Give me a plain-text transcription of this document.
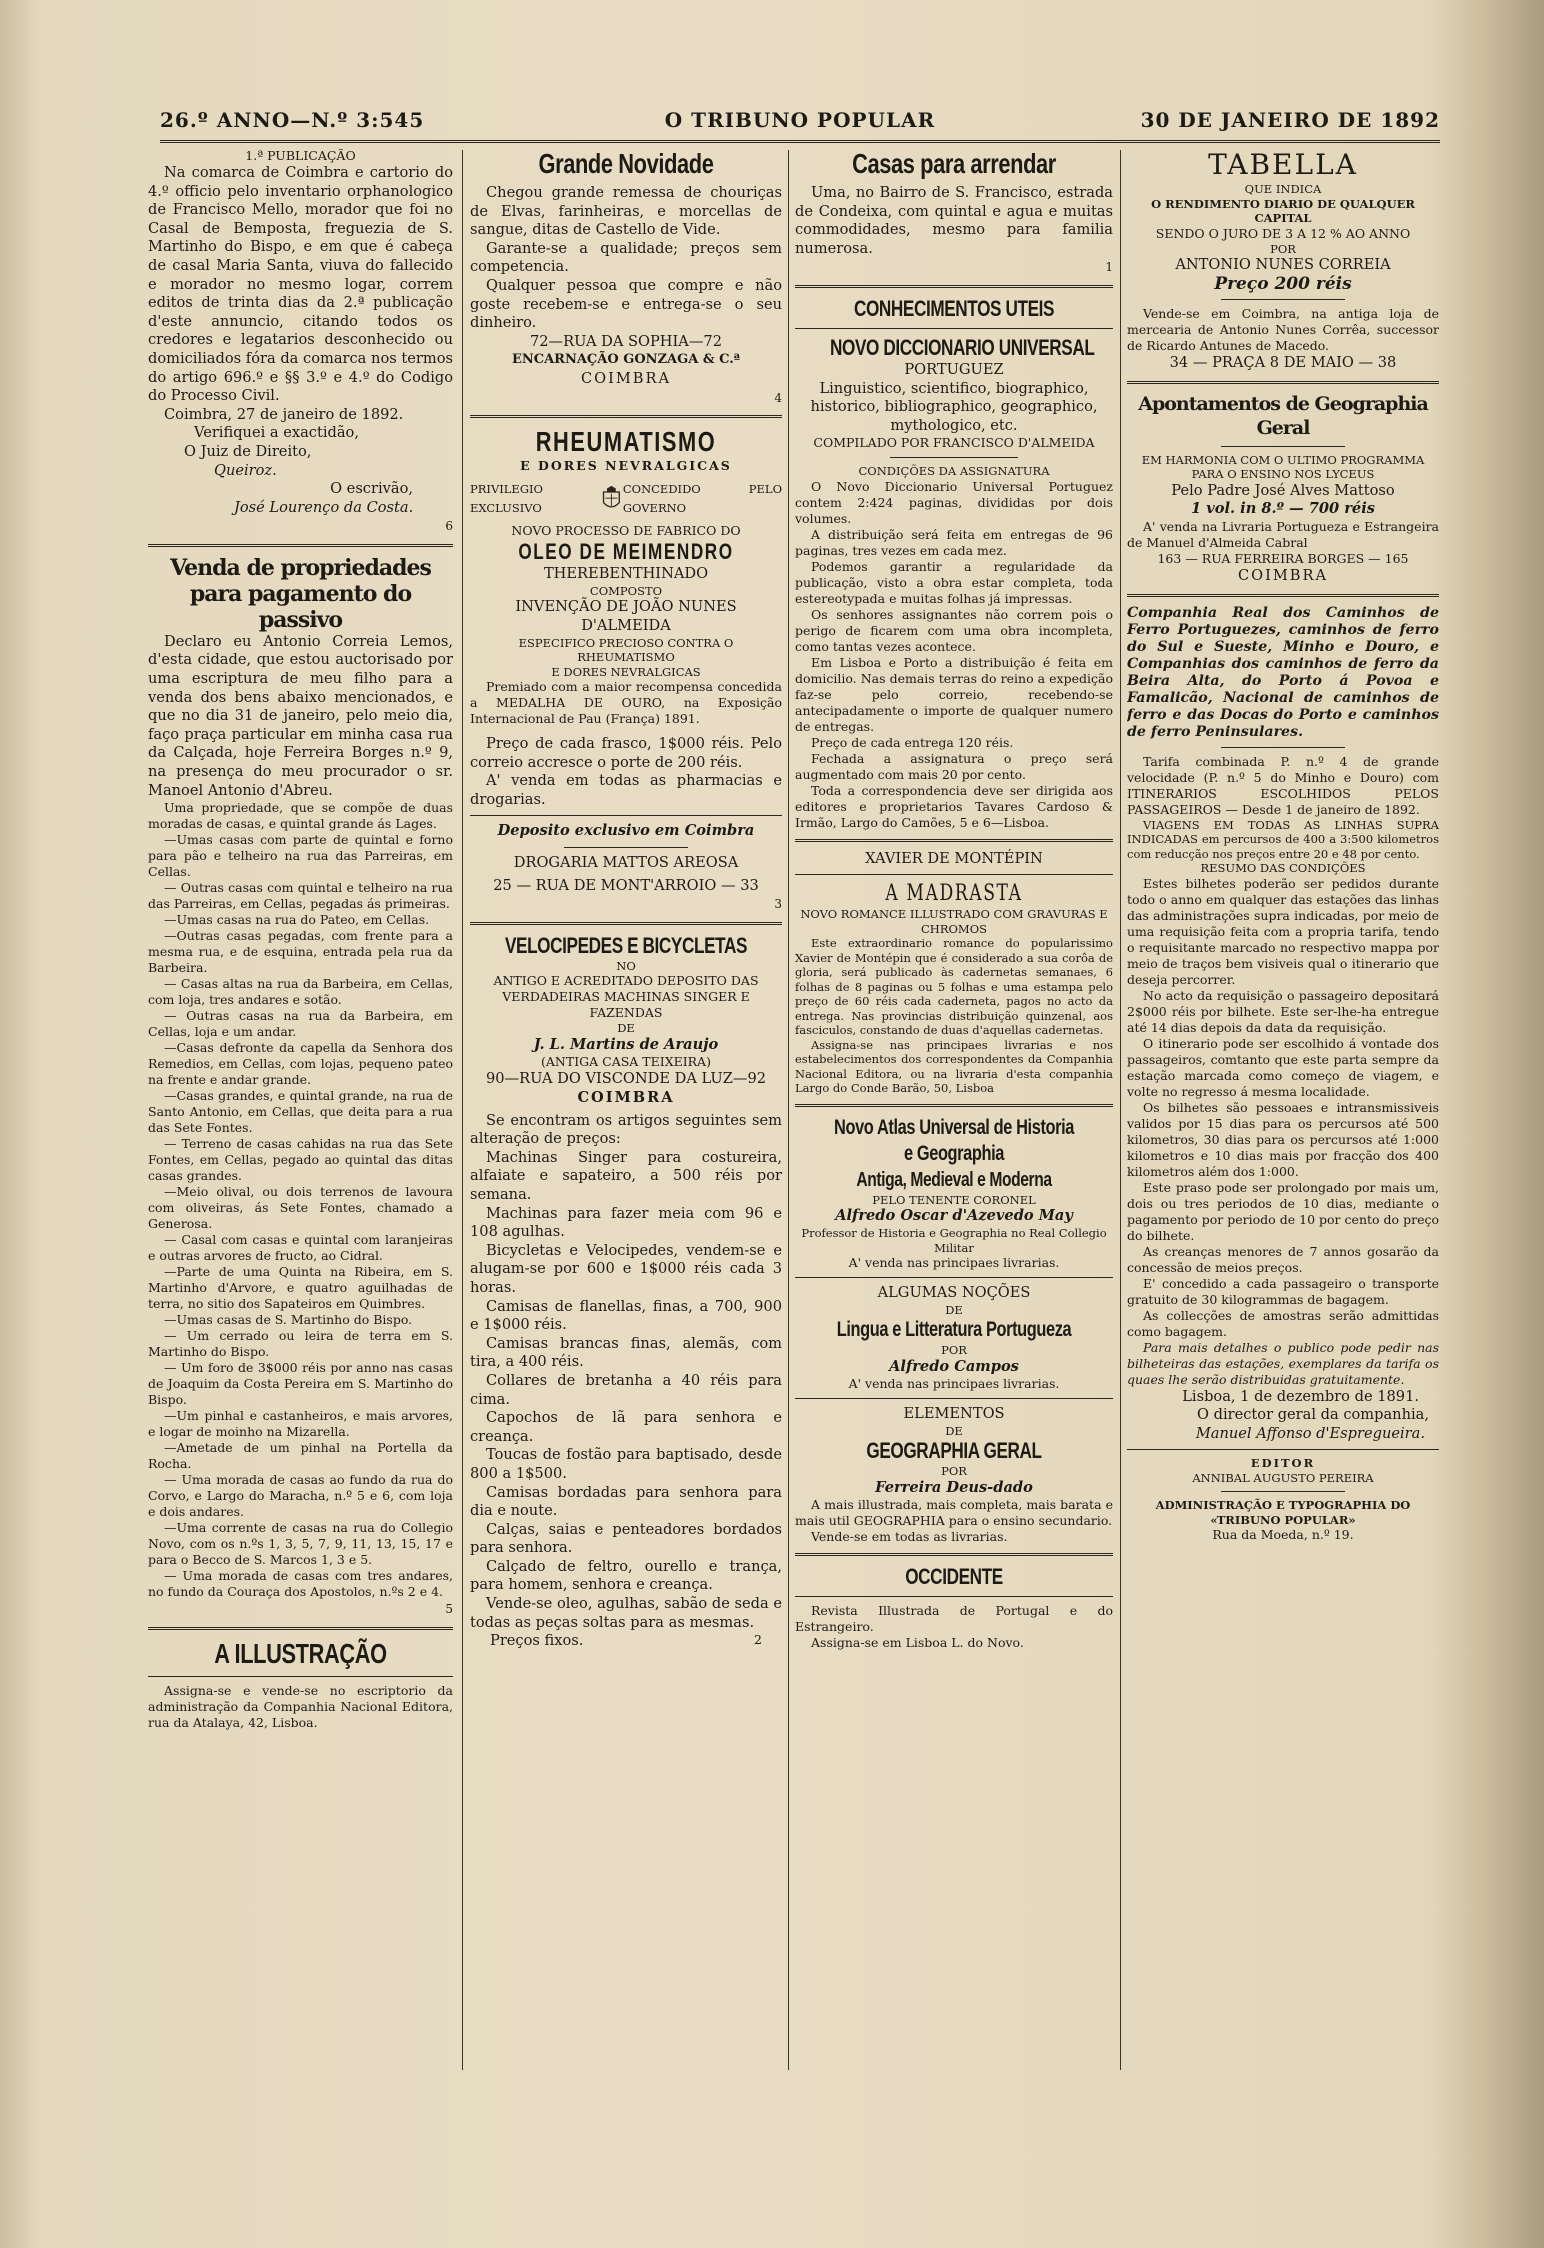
26.º ANNO—N.º 3:545	O TRIBUNO POPULAR	30 DE JANEIRO DE 1892

1.ª PUBLICAÇÃO

Na comarca de Coimbra e cartorio do 4.º officio pelo inventario orphanologico de Francisco Mello, morador que foi no Casal de Bemposta, freguezia de S. Martinho do Bispo, e em que é cabeça de casal Maria Santa, viuva do fallecido e morador no mesmo logar, correm editos de trinta dias da 2.ª publicação d'este annuncio, citando todos os credores e legatarios desconhecido ou domiciliados fóra da comarca nos termos do artigo 696.º e §§ 3.º e 4.º do Codigo do Processo Civil.

Coimbra, 27 de janeiro de 1892.

Verifiquei a exactidão,

O Juiz de Direito,

Queiroz.

O escrivão,

José Lourenço da Costa.

6
Venda de propriedades para pagamento do passivo

Declaro eu Antonio Correia Lemos, d'esta cidade, que estou auctorisado por uma escriptura de meu filho para a venda dos bens abaixo mencionados, e que no dia 31 de janeiro, pelo meio dia, faço praça particular em minha casa rua da Calçada, hoje Ferreira Borges n.º 9, na presença do meu procurador o sr. Manoel Antonio d'Abreu.

Uma propriedade, que se compõe de duas moradas de casas, e quintal grande ás Lages.

—Umas casas com parte de quintal e forno para pão e telheiro na rua das Parreiras, em Cellas.

— Outras casas com quintal e telheiro na rua das Parreiras, em Cellas, pegadas ás primeiras.

—Umas casas na rua do Pateo, em Cellas.

—Outras casas pegadas, com frente para a mesma rua, e de esquina, entrada pela rua da Barbeira.

— Casas altas na rua da Barbeira, em Cellas, com loja, tres andares e sotão.

— Outras casas na rua da Barbeira, em Cellas, loja e um andar.

—Casas defronte da capella da Senhora dos Remedios, em Cellas, com lojas, pequeno pateo na frente e andar grande.

—Casas grandes, e quintal grande, na rua de Santo Antonio, em Cellas, que deita para a rua das Sete Fontes.

— Terreno de casas cahidas na rua das Sete Fontes, em Cellas, pegado ao quintal das ditas casas grandes.

—Meio olival, ou dois terrenos de lavoura com oliveiras, ás Sete Fontes, chamado a Generosa.

— Casal com casas e quintal com laranjeiras e outras arvores de fructo, ao Cidral.

—Parte de uma Quinta na Ribeira, em S. Martinho d'Arvore, e quatro aguilhadas de terra, no sitio dos Sapateiros em Quimbres.

—Umas casas de S. Martinho do Bispo.

— Um cerrado ou leira de terra em S. Martinho do Bispo.

— Um foro de 3$000 réis por anno nas casas de Joaquim da Costa Pereira em S. Martinho do Bispo.

—Um pinhal e castanheiros, e mais arvores, e logar de moinho na Mizarella.

—Ametade de um pinhal na Portella da Rocha.

— Uma morada de casas ao fundo da rua do Corvo, e Largo do Maracha, n.º 5 e 6, com loja e dois andares.

—Uma corrente de casas na rua do Collegio Novo, com os n.ºs 1, 3, 5, 7, 9, 11, 13, 15, 17 e para o Becco de S. Marcos 1, 3 e 5.

— Uma morada de casas com tres andares, no fundo da Couraça dos Apostolos, n.ºs 2 e 4.

5
A ILLUSTRAÇÃO

Assigna-se e vende-se no escriptorio da administração da Companhia Nacional Editora, rua da Atalaya, 42, Lisboa.

Grande Novidade

Chegou grande remessa de chouriças de Elvas, farinheiras, e morcellas de sangue, ditas de Castello de Vide.

Garante-se a qualidade; preços sem competencia.

Qualquer pessoa que compre e não goste recebem-se e entrega-se o seu dinheiro.

72—RUA DA SOPHIA—72

ENCARNAÇÃO GONZAGA & C.ª

COIMBRA

4
RHEUMATISMO

E DORES NEVRALGICAS

PRIVILEGIO EXCLUSIVO
CONCEDIDO PELO GOVERNO

NOVO PROCESSO DE FABRICO DO

OLEO DE MEIMENDRO

THEREBENTHINADO

COMPOSTO

INVENÇÃO DE JOÃO NUNES D'ALMEIDA

ESPECIFICO PRECIOSO CONTRA O RHEUMATISMO

E DORES NEVRALGICAS

Premiado com a maior recompensa concedida a MEDALHA DE OURO, na Exposição Internacional de Pau (França) 1891.

Preço de cada frasco, 1$000 réis. Pelo correio accresce o porte de 200 réis.

A' venda em todas as pharmacias e drogarias.

Deposito exclusivo em Coimbra

DROGARIA MATTOS AREOSA

25 — RUA DE MONT'ARROIO — 33

3
VELOCIPEDES E BICYCLETAS

NO

ANTIGO E ACREDITADO DEPOSITO DAS VERDADEIRAS MACHINAS SINGER E FAZENDAS

DE

J. L. Martins de Araujo

(ANTIGA CASA TEIXEIRA)

90—RUA DO VISCONDE DA LUZ—92

COIMBRA

Se encontram os artigos seguintes sem alteração de preços:

Machinas Singer para costureira, alfaiate e sapateiro, a 500 réis por semana.

Machinas para fazer meia com 96 e 108 agulhas.

Bicycletas e Velocipedes, vendem-se e alugam-se por 600 e 1$000 réis cada 3 horas.

Camisas de flanellas, finas, a 700, 900 e 1$000 réis.

Camisas brancas finas, alemãs, com tira, a 400 réis.

Collares de bretanha a 40 réis para cima.

Capochos de lã para senhora e creança.

Toucas de fostão para baptisado, desde 800 a 1$500.

Camisas bordadas para senhora para dia e noute.

Calças, saias e penteadores bordados para senhora.

Calçado de feltro, ourello e trança, para homem, senhora e creança.

Vende-se oleo, agulhas, sabão de seda e todas as peças soltas para as mesmas.

Preços fixos.	2
Casas para arrendar

Uma, no Bairro de S. Francisco, estrada de Condeixa, com quintal e agua e muitas commodidades, mesmo para familia numerosa.

1
CONHECIMENTOS UTEIS
NOVO DICCIONARIO UNIVERSAL

PORTUGUEZ

Linguistico, scientifico, biographico, historico, bibliographico, geographico, mythologico, etc.

COMPILADO POR FRANCISCO D'ALMEIDA

CONDIÇÕES DA ASSIGNATURA

O Novo Diccionario Universal Portuguez contem 2:424 paginas, divididas por dois volumes.

A distribuição será feita em entregas de 96 paginas, tres vezes em cada mez.

Podemos garantir a regularidade da publicação, visto a obra estar completa, toda estereotypada e muitas folhas já impressas.

Os senhores assignantes não correm pois o perigo de ficarem com uma obra incompleta, como tantas vezes acontece.

Em Lisboa e Porto a distribuição é feita em domicilio. Nas demais terras do reino a expedição faz-se pelo correio, recebendo-se antecipadamente o importe de qualquer numero de entregas.

Preço de cada entrega 120 réis.

Fechada a assignatura o preço será augmentado com mais 20 por cento.

Toda a correspondencia deve ser dirigida aos editores e proprietarios Tavares Cardoso & Irmão, Largo do Camões, 5 e 6—Lisboa.

XAVIER DE MONTÉPIN

A MADRASTA

NOVO ROMANCE ILLUSTRADO COM GRAVURAS E CHROMOS

Este extraordinario romance do popularissimo Xavier de Montépin que é considerado a sua corôa de gloria, será publicado às cadernetas semanaes, 6 folhas de 8 paginas ou 5 folhas e uma estampa pelo preço de 60 réis cada caderneta, pagos no acto da entrega. Nas provincias distribuição quinzenal, aos fasciculos, constando de duas d'aquellas cadernetas.

Assigna-se nas principaes livrarias e nos estabelecimentos dos correspondentes da Companhia Nacional Editora, ou na livraria d'esta companhia Largo do Conde Barão, 50, Lisboa

Novo Atlas Universal de Historia
e Geographia
Antiga, Medieval e Moderna

PELO TENENTE CORONEL

Alfredo Oscar d'Azevedo May

Professor de Historia e Geographia no Real Collegio Militar

A' venda nas principaes livrarias.

ALGUMAS NOÇÕES

DE

Lingua e Litteratura Portugueza

POR

Alfredo Campos

A' venda nas principaes livrarias.

ELEMENTOS

DE

GEOGRAPHIA GERAL

POR

Ferreira Deus-dado

A mais illustrada, mais completa, mais barata e mais util GEOGRAPHIA para o ensino secundario.

Vende-se em todas as livrarias.

OCCIDENTE

Revista Illustrada de Portugal e do Estrangeiro.

Assigna-se em Lisboa L. do Novo.

TABELLA

QUE INDICA

O RENDIMENTO DIARIO DE QUALQUER CAPITAL

SENDO O JURO DE 3 A 12 % AO ANNO

POR

ANTONIO NUNES CORREIA

Preço 200 réis

Vende-se em Coimbra, na antiga loja de mercearia de Antonio Nunes Corrêa, successor de Ricardo Antunes de Macedo.

34 — PRAÇA 8 DE MAIO — 38

Apontamentos de Geographia Geral

EM HARMONIA COM O ULTIMO PROGRAMMA PARA O ENSINO NOS LYCEUS

Pelo Padre José Alves Mattoso

1 vol. in 8.º — 700 réis

A' venda na Livraria Portugueza e Estrangeira de Manuel d'Almeida Cabral

163 — RUA FERREIRA BORGES — 165

COIMBRA

Companhia Real dos Caminhos de Ferro Portuguezes, caminhos de ferro do Sul e Sueste, Minho e Douro, e Companhias dos caminhos de ferro da Beira Alta, do Porto á Povoa e Famalicão, Nacional de caminhos de ferro e das Docas do Porto e caminhos de ferro Peninsulares.

Tarifa combinada P. n.º 4 de grande velocidade (P. n.º 5 do Minho e Douro) com ITINERARIOS ESCOLHIDOS PELOS PASSAGEIROS — Desde 1 de janeiro de 1892.

VIAGENS EM TODAS AS LINHAS SUPRA INDICADAS em percursos de 400 a 3:500 kilometros com reducção nos preços entre 20 e 48 por cento.

RESUMO DAS CONDIÇÕES

Estes bilhetes poderão ser pedidos durante todo o anno em qualquer das estações das linhas das administrações supra indicadas, por meio de uma requisição feita com a propria tarifa, tendo o requisitante marcado no respectivo mappa por meio de traços bem visiveis qual o itinerario que deseja percorrer.

No acto da requisição o passageiro depositará 2$000 réis por bilhete. Este ser-lhe-ha entregue até 14 dias depois da data da requisição.

O itinerario pode ser escolhido á vontade dos passageiros, comtanto que este parta sempre da estação marcada como começo de viagem, e volte no regresso á mesma localidade.

Os bilhetes são pessoaes e intransmissiveis validos por 15 dias para os percursos até 500 kilometros, 30 dias para os percursos até 1:000 kilometros e 10 dias mais por fracção dos 400 kilometros além dos 1:000.

Este praso pode ser prolongado por mais um, dois ou tres periodos de 10 dias, mediante o pagamento por periodo de 10 por cento do preço do bilhete.

As creanças menores de 7 annos gosarão da concessão de meios preços.

E' concedido a cada passageiro o transporte gratuito de 30 kilogrammas de bagagem.

As collecções de amostras serão admittidas como bagagem.

Para mais detalhes o publico pode pedir nas bilheteiras das estações, exemplares da tarifa os quaes lhe serão distribuidas gratuitamente.

Lisboa, 1 de dezembro de 1891.

O director geral da companhia,

Manuel Affonso d'Espregueira.

EDITOR

ANNIBAL AUGUSTO PEREIRA

ADMINISTRAÇÃO E TYPOGRAPHIA DO «TRIBUNO POPULAR»

Rua da Moeda, n.º 19.
